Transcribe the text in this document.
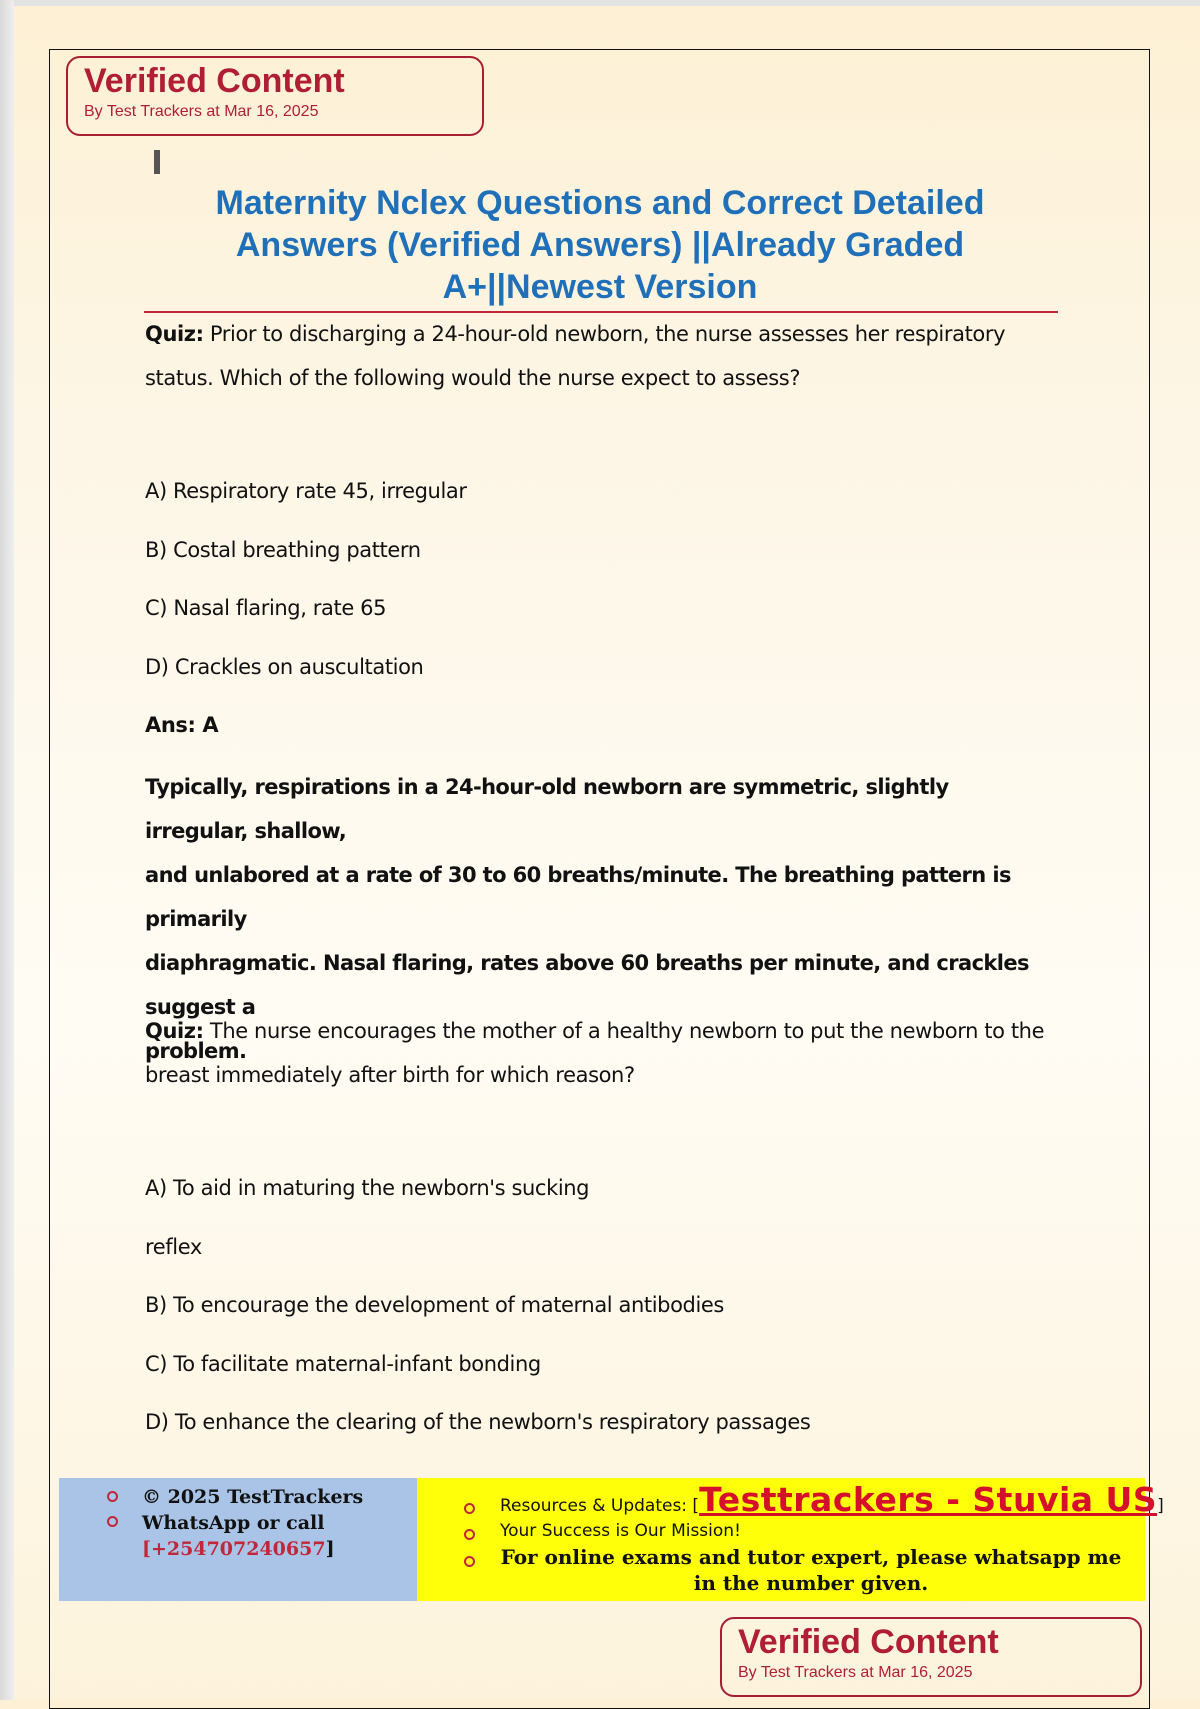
Verified Content
By Test Trackers at Mar 16, 2025
Maternity Nclex Questions and Correct Detailed
Answers (Verified Answers) ||Already Graded
A+||Newest Version
Quiz: Prior to discharging a 24-hour-old newborn, the nurse assesses her respiratory
status. Which of the following would the nurse expect to assess?
A) Respiratory rate 45, irregular
B) Costal breathing pattern
C) Nasal flaring, rate 65
D) Crackles on auscultation
Ans: A
Typically, respirations in a 24-hour-old newborn are symmetric, slightly irregular, shallow,
and unlabored at a rate of 30 to 60 breaths/minute. The breathing pattern is primarily
diaphragmatic. Nasal flaring, rates above 60 breaths per minute, and crackles suggest a
problem.
Quiz: The nurse encourages the mother of a healthy newborn to put the newborn to the
breast immediately after birth for which reason?
A) To aid in maturing the newborn's sucking
reflex
B) To encourage the development of maternal antibodies
C) To facilitate maternal-infant bonding
D) To enhance the clearing of the newborn's respiratory passages
© 2025 TestTrackers
WhatsApp or call
[+254707240657]
Resources & Updates: [Testtrackers - Stuvia US]
Your Success is Our Mission!
For online exams and tutor expert, please whatsapp me
in the number given.
Verified Content
By Test Trackers at Mar 16, 2025
